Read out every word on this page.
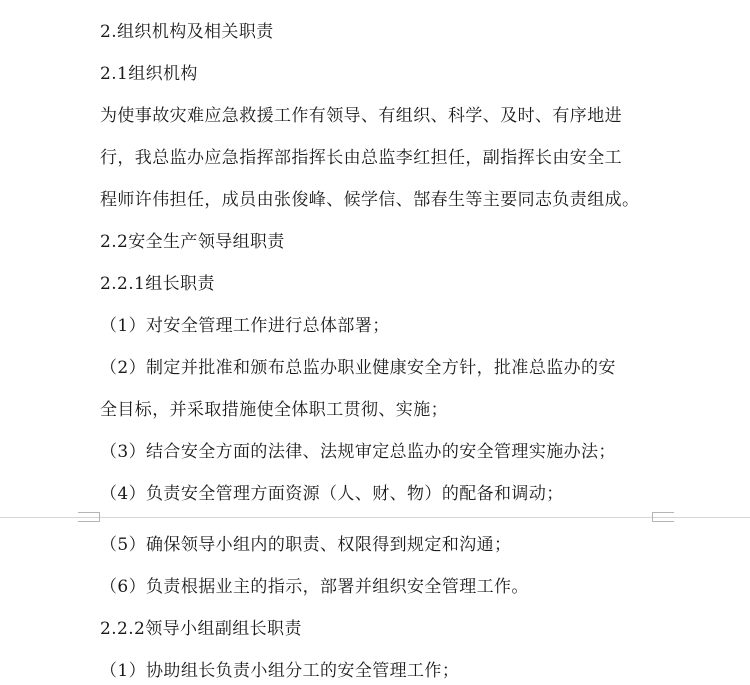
2.组织机构及相关职责
2.1组织机构
为使事故灾难应急救援工作有领导、有组织、科学、及时、有序地进
行，我总监办应急指挥部指挥长由总监李红担任，副指挥长由安全工
程师许伟担任，成员由张俊峰、候学信、郜春生等主要同志负责组成。
2.2安全生产领导组职责
2.2.1组长职责
（1）对安全管理工作进行总体部署；
（2）制定并批准和颁布总监办职业健康安全方针，批准总监办的安
全目标，并采取措施使全体职工贯彻、实施；
（3）结合安全方面的法律、法规审定总监办的安全管理实施办法；
（4）负责安全管理方面资源（人、财、物）的配备和调动；
（5）确保领导小组内的职责、权限得到规定和沟通；
（6）负责根据业主的指示，部署并组织安全管理工作。
2.2.2领导小组副组长职责
（1）协助组长负责小组分工的安全管理工作；
